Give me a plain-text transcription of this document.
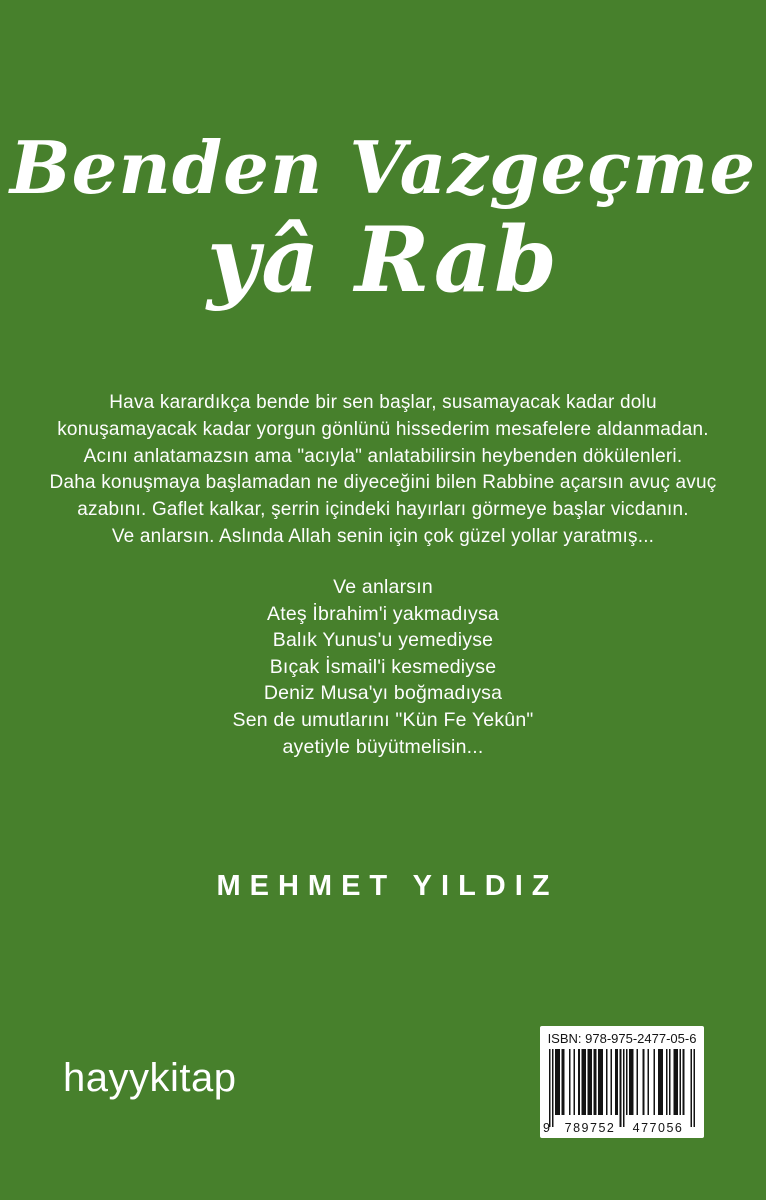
Benden Vazgeçme
yâ Rab
Hava karardıkça bende bir sen başlar, susamayacak kadar dolu
konuşamayacak kadar yorgun gönlünü hissederim mesafelere aldanmadan.
Acını anlatamazsın ama "acıyla" anlatabilirsin heybenden dökülenleri.
Daha konuşmaya başlamadan ne diyeceğini bilen Rabbine açarsın avuç avuç
azabını. Gaflet kalkar, şerrin içindeki hayırları görmeye başlar vicdanın.
Ve anlarsın. Aslında Allah senin için çok güzel yollar yaratmış...
Ve anlarsın
Ateş İbrahim'i yakmadıysa
Balık Yunus'u yemediyse
Bıçak İsmail'i kesmediyse
Deniz Musa'yı boğmadıysa
Sen de umutlarını "Kün Fe Yekûn"
ayetiyle büyütmelisin...
MEHMET YILDIZ
hayykitap
ISBN: 978-975-2477-05-6
9	789752	477056
